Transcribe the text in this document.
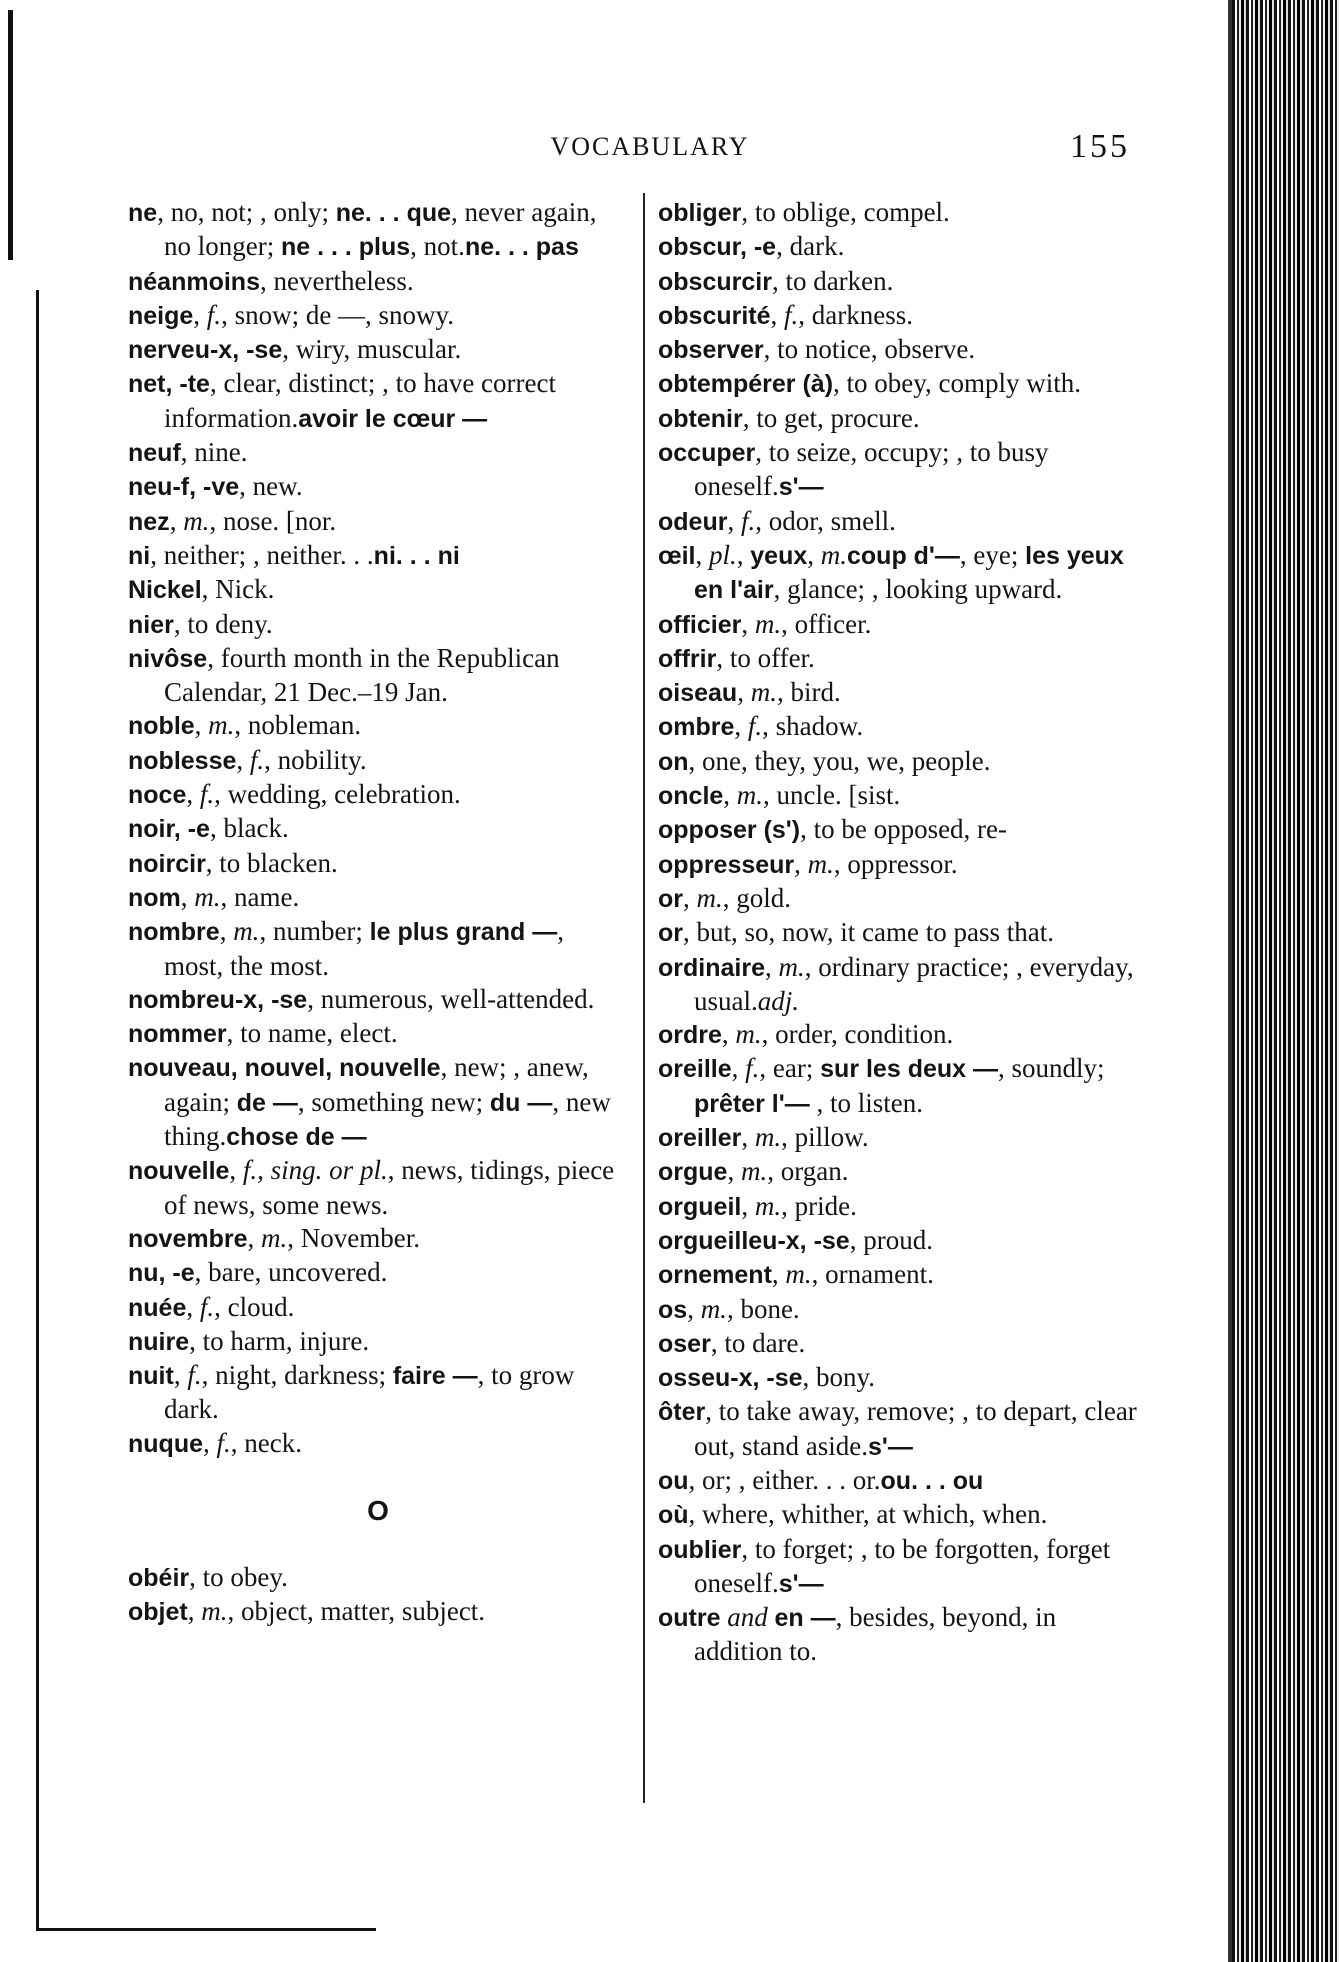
VOCABULARY	155
ne, no, not; , only; ne. . . que, never again, no longer; ne . . . plus, not.ne. . . pas
néanmoins, nevertheless.
neige, f., snow; de —, snowy.
nerveu-x, -se, wiry, muscular.
net, -te, clear, distinct; , to have correct information.avoir le cœur —
neuf, nine.
neu-f, -ve, new.
nez, m., nose. [nor.
ni, neither; , neither. . .ni. . . ni
Nickel, Nick.
nier, to deny.
nivôse, fourth month in the Republican Calendar, 21 Dec.–19 Jan.
noble, m., nobleman.
noblesse, f., nobility.
noce, f., wedding, celebration.
noir, -e, black.
noircir, to blacken.
nom, m., name.
nombre, m., number; le plus grand —, most, the most.
nombreu-x, -se, numerous, well-attended.
nommer, to name, elect.
nouveau, nouvel, nouvelle, new; , anew, again; de —, something new; du —, new thing.chose de —
nouvelle, f., sing. or pl., news, tidings, piece of news, some news.
novembre, m., November.
nu, -e, bare, uncovered.
nuée, f., cloud.
nuire, to harm, injure.
nuit, f., night, darkness; faire —, to grow dark.
nuque, f., neck.
O
obéir, to obey.
objet, m., object, matter, subject.
obliger, to oblige, compel.
obscur, -e, dark.
obscurcir, to darken.
obscurité, f., darkness.
observer, to notice, observe.
obtempérer (à), to obey, comply with.
obtenir, to get, procure.
occuper, to seize, occupy; , to busy oneself.s'—
odeur, f., odor, smell.
œil, pl., yeux, m.coup d'—, eye; les yeux en l'air, glance; , looking upward.
officier, m., officer.
offrir, to offer.
oiseau, m., bird.
ombre, f., shadow.
on, one, they, you, we, people.
oncle, m., uncle. [sist.
opposer (s'), to be opposed, re-
oppresseur, m., oppressor.
or, m., gold.
or, but, so, now, it came to pass that.
ordinaire, m., ordinary practice; , everyday, usual.adj.
ordre, m., order, condition.
oreille, f., ear; sur les deux —, soundly; prêter l'— , to listen.
oreiller, m., pillow.
orgue, m., organ.
orgueil, m., pride.
orgueilleu-x, -se, proud.
ornement, m., ornament.
os, m., bone.
oser, to dare.
osseu-x, -se, bony.
ôter, to take away, remove; , to depart, clear out, stand aside.s'—
ou, or; , either. . . or.ou. . . ou
où, where, whither, at which, when.
oublier, to forget; , to be forgotten, forget oneself.s'—
outre and en —, besides, beyond, in addition to.
